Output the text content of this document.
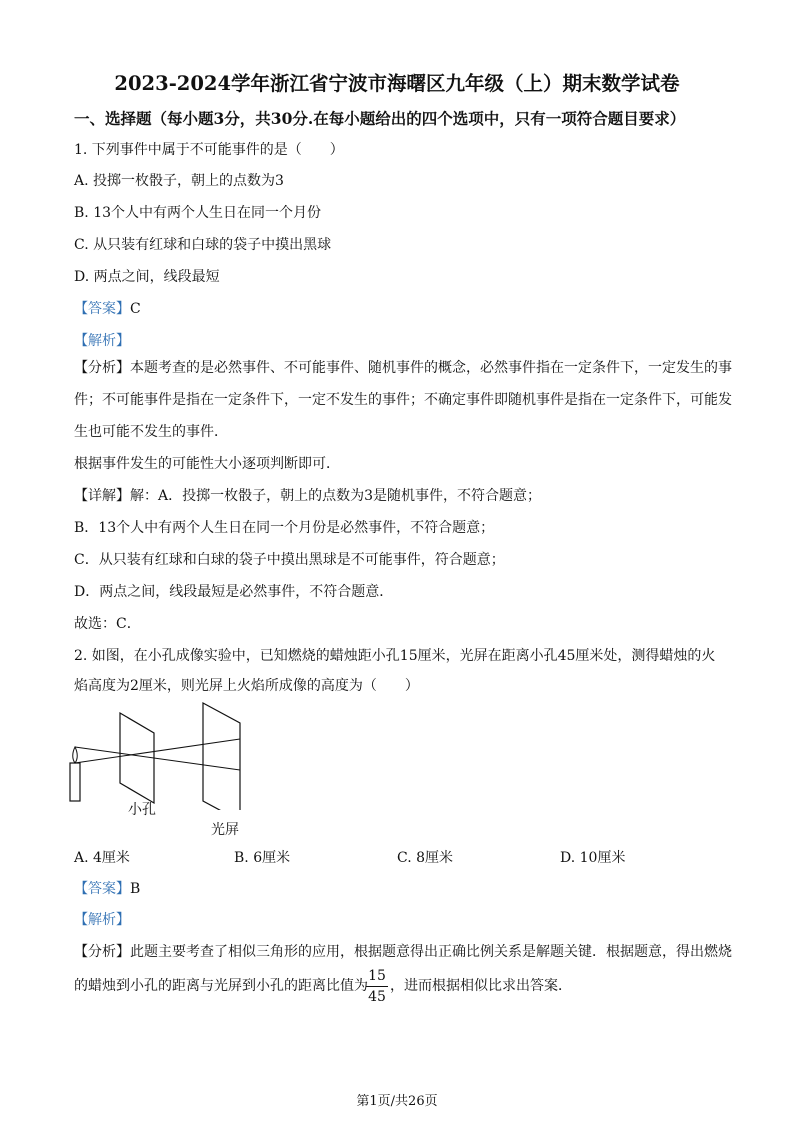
2023-2024学年浙江省宁波市海曙区九年级（上）期末数学试卷
一、选择题（每小题3分，共30分.在每小题给出的四个选项中，只有一项符合题目要求）
1. 下列事件中属于不可能事件的是（　　）
A. 投掷一枚骰子，朝上的点数为3
B. 13个人中有两个人生日在同一个月份
C. 从只装有红球和白球的袋子中摸出黑球
D. 两点之间，线段最短
【答案】C
【解析】
【分析】本题考查的是必然事件、不可能事件、随机事件的概念，必然事件指在一定条件下，一定发生的事
件；不可能事件是指在一定条件下，一定不发生的事件；不确定事件即随机事件是指在一定条件下，可能发
生也可能不发生的事件．
根据事件发生的可能性大小逐项判断即可．
【详解】解：A．投掷一枚骰子，朝上的点数为3是随机事件，不符合题意；
B．13个人中有两个人生日在同一个月份是必然事件，不符合题意；
C．从只装有红球和白球的袋子中摸出黑球是不可能事件，符合题意；
D．两点之间，线段最短是必然事件，不符合题意．
故选：C．
2. 如图，在小孔成像实验中，已知燃烧的蜡烛距小孔15厘米，光屏在距离小孔45厘米处，测得蜡烛的火
焰高度为2厘米，则光屏上火焰所成像的高度为（　　）
小孔
光屏
A. 4厘米	B. 6厘米	C. 8厘米	D. 10厘米
【答案】B
【解析】
【分析】此题主要考查了相似三角形的应用，根据题意得出正确比例关系是解题关键．根据题意，得出燃烧
的蜡烛到小孔的距离与光屏到小孔的距离比值为
15
45
，进而根据相似比求出答案．
第1页/共26页
